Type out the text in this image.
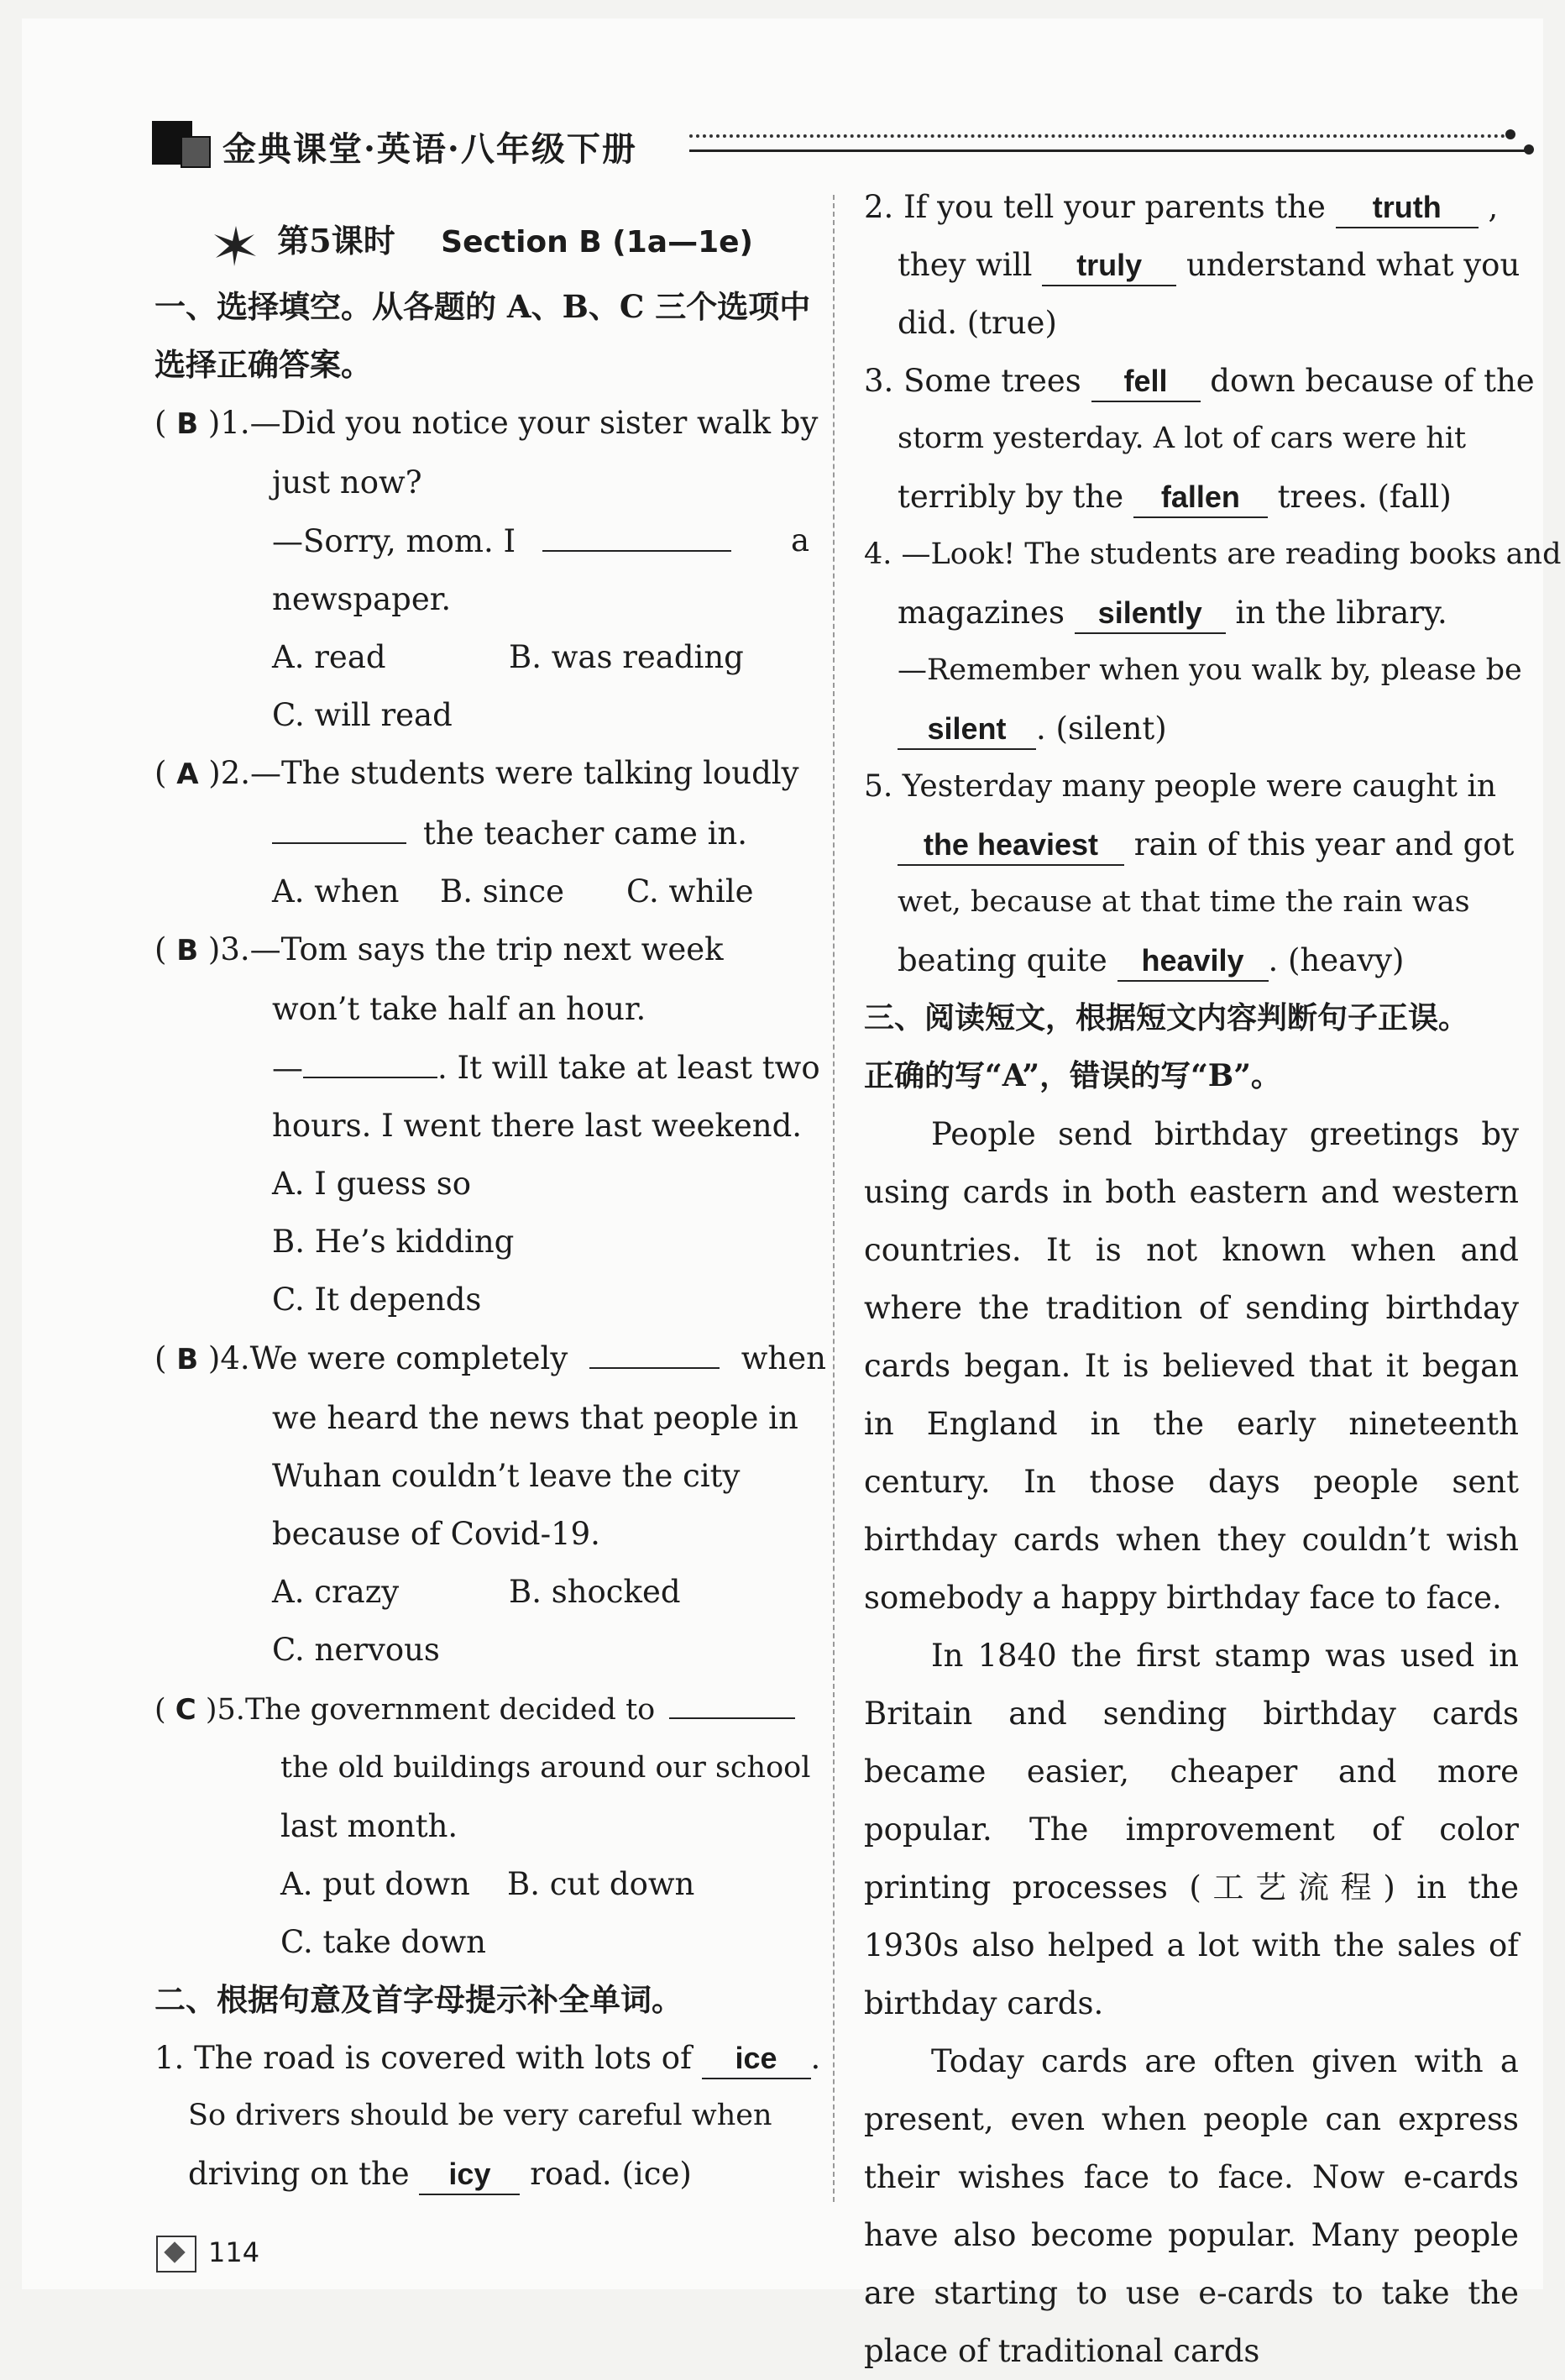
金典课堂·英语·八年级下册
第5课时 Section B (1a—1e)
一、选择填空。从各题的 A、B、C 三个选项中
选择正确答案。
( B )1.—Did you notice your sister walk by
just now?
—Sorry, mom. I	a
newspaper.
A. read	B. was reading
C. will read
( A )2.—The students were talking loudly
the teacher came in.
A. when B. since C. while
( B )3.—Tom says the trip next week
won’t take half an hour.
—	. It will take at least two
hours. I went there last weekend.
A. I guess so
B. He’s kidding
C. It depends
( B )4.We were completely	when
we heard the news that people in
Wuhan couldn’t leave the city
because of Covid-19.
A. crazy	B. shocked
C. nervous
( C )5.The government decided to
the old buildings around our school
last month.
A. put down B. cut down
C. take down
二、根据句意及首字母提示补全单词。
1. The road is covered with lots of ice .
So drivers should be very careful when
driving on the icy road. (ice)
2. If you tell your parents the truth ,
they will truly understand what you
did. (true)
3. Some trees fell down because of the
storm yesterday. A lot of cars were hit
terribly by the fallen trees. (fall)
4. —Look! The students are reading books and
magazines silently in the library.
—Remember when you walk by, please be
silent . (silent)
5. Yesterday many people were caught in
the heaviest rain of this year and got
wet, because at that time the rain was
beating quite heavily . (heavy)
三、阅读短文，根据短文内容判断句子正误。
正确的写“A”，错误的写“B”。
People send birthday greetings by using cards in both eastern and western countries. It is not known when and where the tradition of sending birthday cards began. It is believed that it began in England in the early nineteenth century. In those days people sent birthday cards when they couldn’t wish somebody a happy birthday face to face.
In 1840 the first stamp was used in Britain and sending birthday cards became easier, cheaper and more popular. The improvement of color printing processes (工艺流程) in the 1930s also helped a lot with the sales of birthday cards.
Today cards are often given with a present, even when people can express their wishes face to face. Now e-cards have also become popular. Many people are starting to use e-cards to take the place of traditional cards
114
